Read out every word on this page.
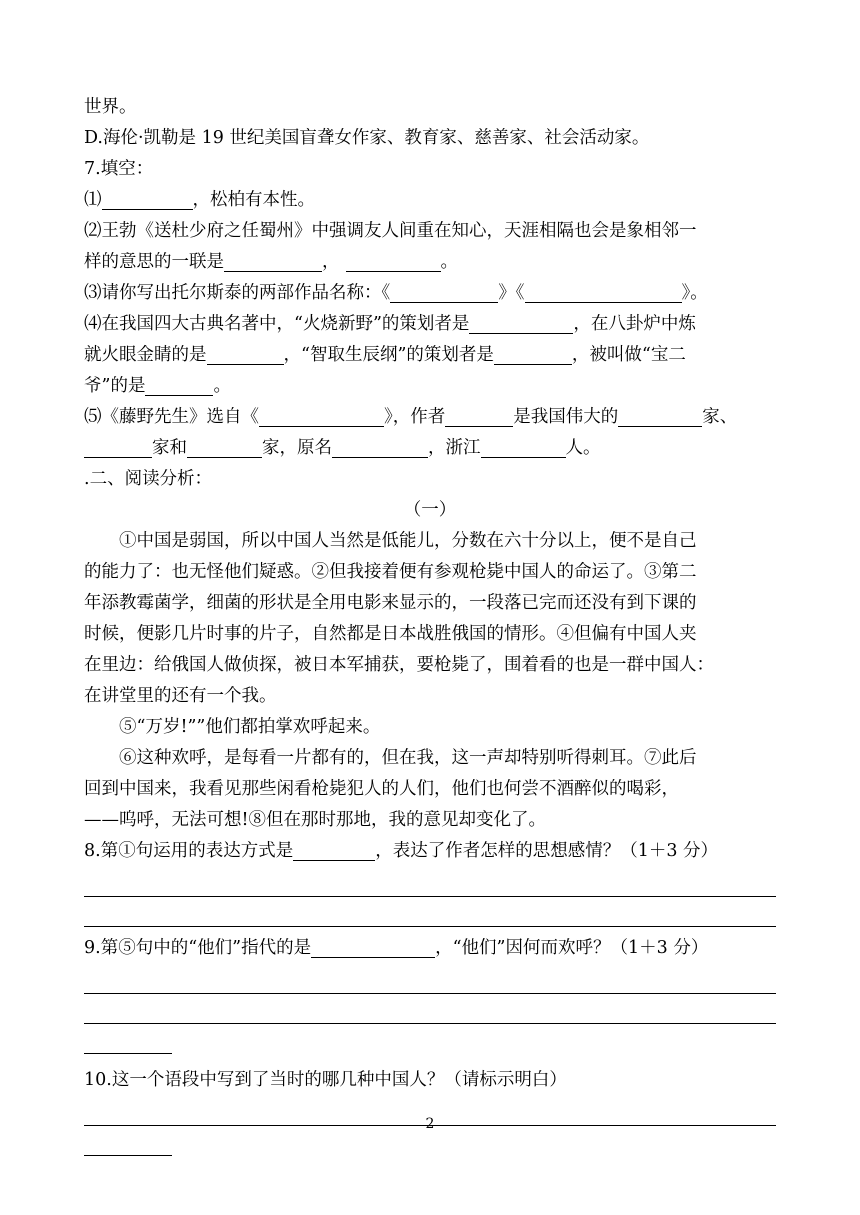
世界。
D.海伦·凯勒是 19 世纪美国盲聋女作家、教育家、慈善家、社会活动家。
7.填空：
⑴	，松柏有本性。
⑵王勃《送杜少府之任蜀州》中强调友人间重在知心，天涯相隔也会是象相邻一
样的意思的一联是	，	。
⑶请你写出托尔斯泰的两部作品名称：《	》《	》。
⑷在我国四大古典名著中，“火烧新野”的策划者是	，在八卦炉中炼
就火眼金睛的是	，“智取生辰纲”的策划者是	，被叫做“宝二
爷”的是	。
⑸《藤野先生》选自《	》，作者	是我国伟大的	家、
家和	家，原名	，浙江	人。
.二、阅读分析：
（一）
①中国是弱国，所以中国人当然是低能儿，分数在六十分以上，便不是自己
的能力了：也无怪他们疑惑。②但我接着便有参观枪毙中国人的命运了。③第二
年添教霉菌学，细菌的形状是全用电影来显示的，一段落已完而还没有到下课的
时候，便影几片时事的片子，自然都是日本战胜俄国的情形。④但偏有中国人夹
在里边：给俄国人做侦探，被日本军捕获，要枪毙了，围着看的也是一群中国人：
在讲堂里的还有一个我。
⑤“万岁!””他们都拍掌欢呼起来。
⑥这种欢呼，是每看一片都有的，但在我，这一声却特别听得刺耳。⑦此后
回到中国来，我看见那些闲看枪毙犯人的人们，他们也何尝不酒醉似的喝彩，
——呜呼，无法可想!⑧但在那时那地，我的意见却变化了。
8.第①句运用的表达方式是	，表达了作者怎样的思想感情？（1＋3 分）
9.第⑤句中的“他们”指代的是	，“他们”因何而欢呼？（1＋3 分）
10.这一个语段中写到了当时的哪几种中国人？（请标示明白）
2
